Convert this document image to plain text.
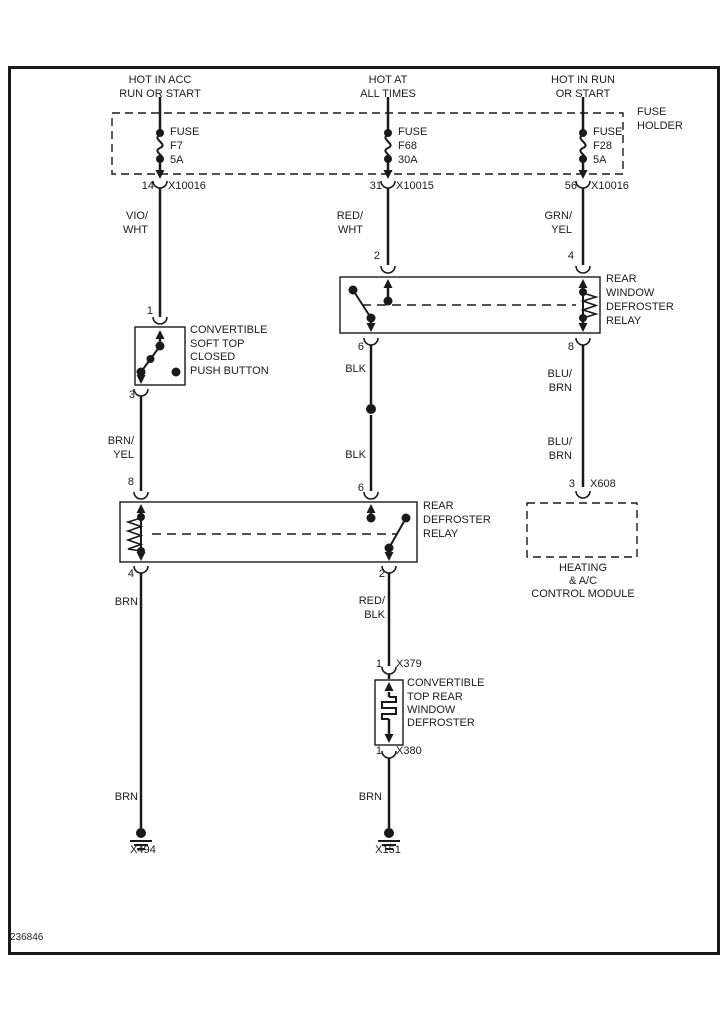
HOT IN ACC
RUN OR START
HOT AT
ALL TIMES
HOT IN RUN
OR START
FUSE
HOLDER
FUSE
F7
5A
FUSE
F68
30A
FUSE
F28
5A
14 X10016	31 X10015	56 X10016
VIO/
WHT
RED/
WHT
GRN/
YEL
2	4
REAR
WINDOW
DEFROSTER
RELAY
6	8
1
CONVERTIBLE
SOFT TOP
CLOSED
PUSH BUTTON
3
BLK	BLU/
BRN
BRN/
YEL	BLK
BLU/
BRN
8	6
REAR
DEFROSTER
RELAY
4	2
3 X608
HEATING
& A/C
CONTROL MODULE
BRN	RED/
BLK
1 X379
CONVERTIBLE
TOP REAR
WINDOW
DEFROSTER
1 X380
BRN	BRN
X494	X151
236846
